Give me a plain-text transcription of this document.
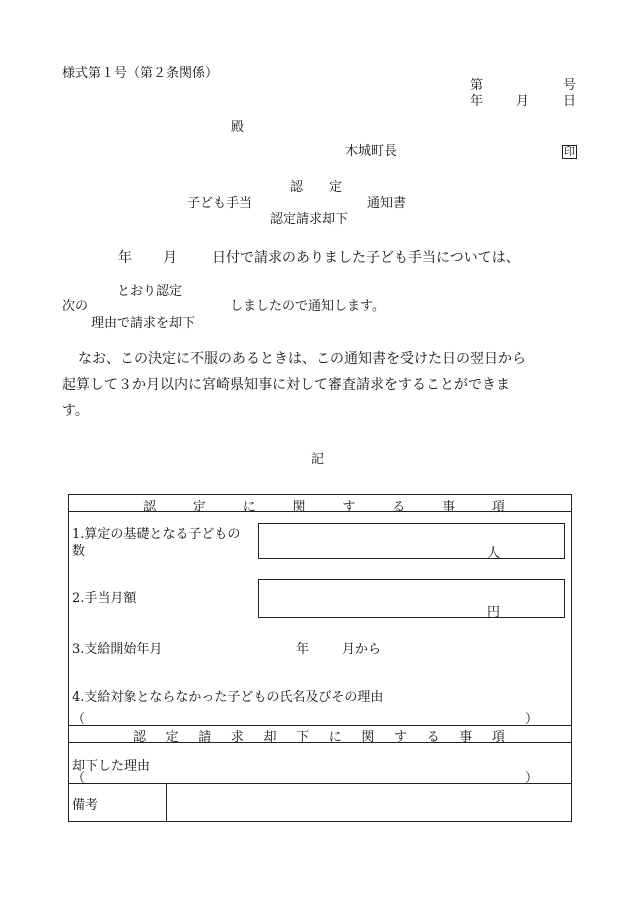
様式第１号（第２条関係）
第	号
年	月	日
殿
木城町長	印
認　　定
子ども手当	通知書
認定請求却下
年 月	日付で請求のありました子ども手当については、
とおり認定
次の	しましたので通知します。
理由で請求を却下
なお、この決定に不服のあるときは、この通知書を受けた日の翌日から
起算して３か月以内に宮崎県知事に対して審査請求をすることができま
す。
記
認	定	に	関	す	る	事	項
1.算定の基礎となる子どもの
数	人
2.手当月額
円
3.支給開始年月	年	月から
4.支給対象とならなかった子どもの氏名及びその理由
（	）
認 定 請 求 却 下 に 関 す る 事 項
却下した理由
（	）
備考
